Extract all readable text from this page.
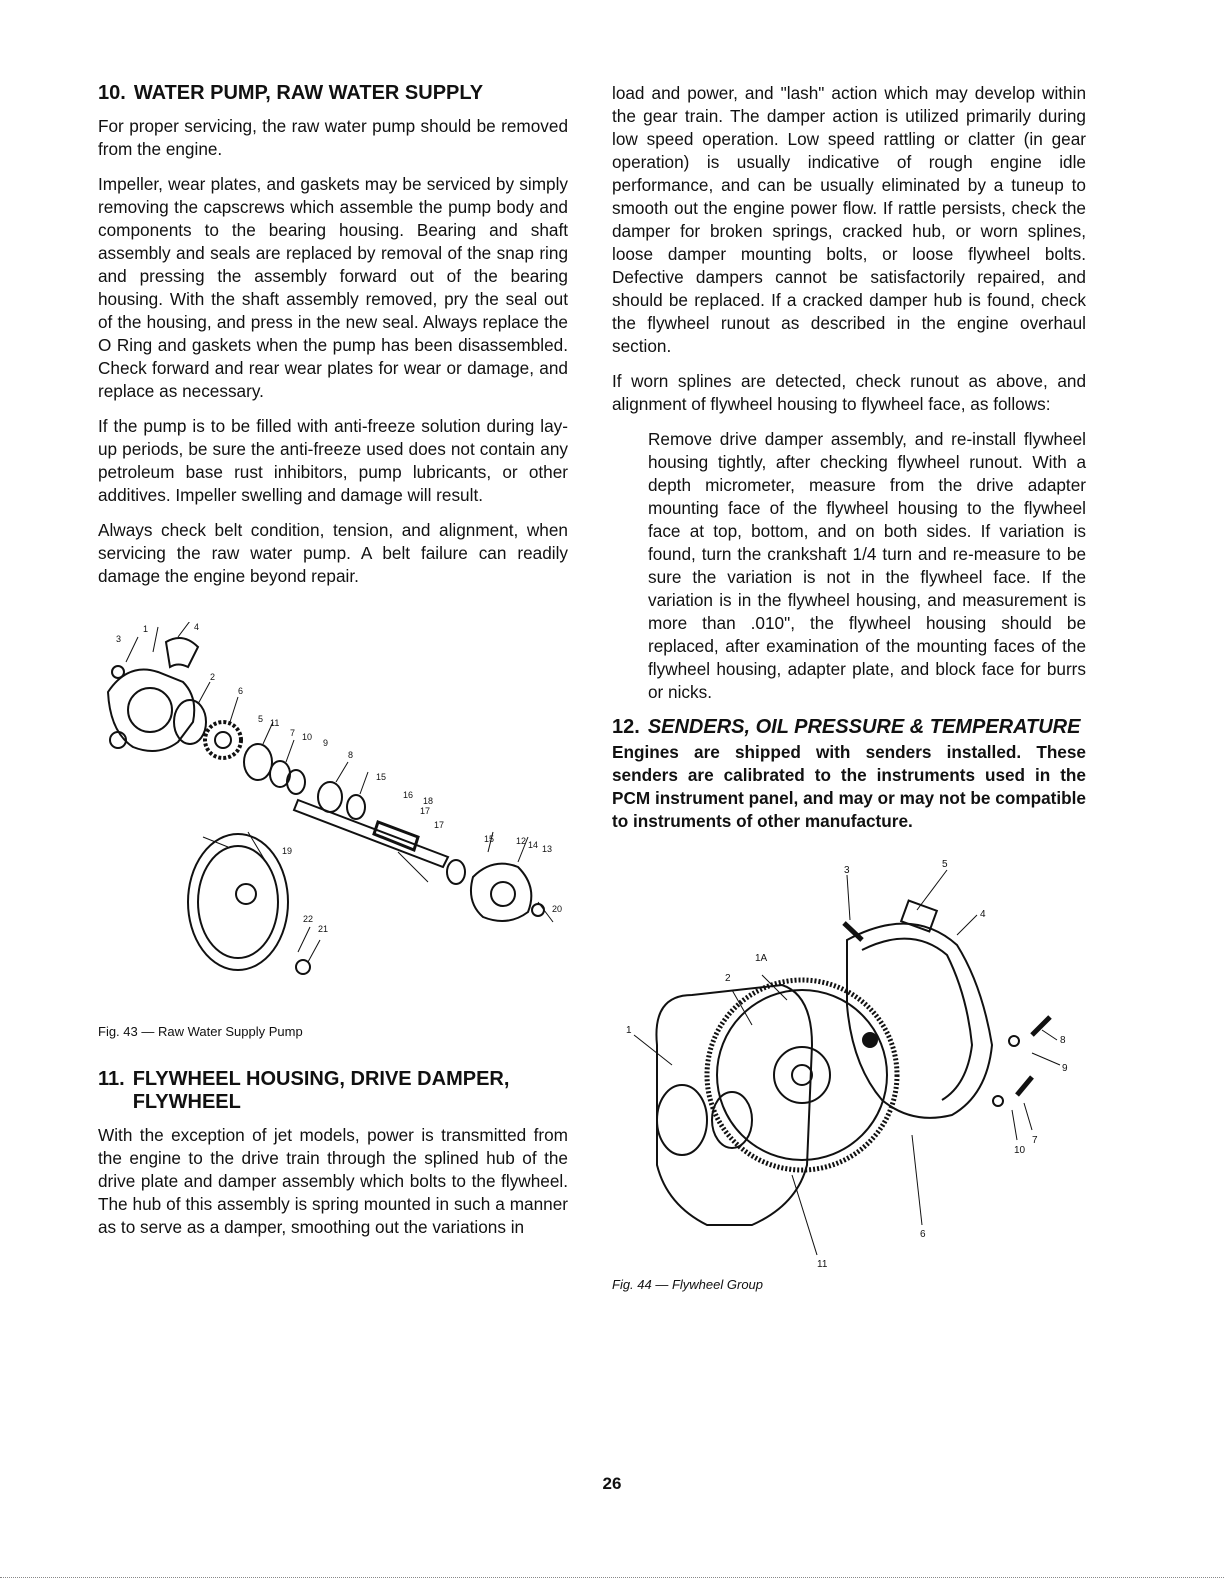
10. WATER PUMP, RAW WATER SUPPLY

For proper servicing, the raw water pump should be removed from the engine.

Impeller, wear plates, and gaskets may be serviced by simply removing the capscrews which assemble the pump body and components to the bearing housing. Bearing and shaft assembly and seals are replaced by removal of the snap ring and pressing the assembly forward out of the bearing housing. With the shaft assembly removed, pry the seal out of the housing, and press in the new seal. Always replace the O Ring and gaskets when the pump has been disassembled. Check forward and rear wear plates for wear or damage, and replace as necessary.

If the pump is to be filled with anti-freeze solution during lay-up periods, be sure the anti-freeze used does not contain any petroleum base rust inhibitors, pump lubricants, or other additives. Impeller swelling and damage will result.

Always check belt condition, tension, and alignment, when servicing the raw water pump. A belt failure can readily damage the engine beyond repair.

3
1	4
2
6
5 11
7 10
9
8
15
16
18
17
17
15 12 14 13
20
19
22
21
Fig. 43 — Raw Water Supply Pump
11. FLYWHEEL HOUSING, DRIVE DAMPER, FLYWHEEL

With the exception of jet models, power is transmitted from the engine to the drive train through the splined hub of the drive plate and damper assembly which bolts to the flywheel. The hub of this assembly is spring mounted in such a manner as to serve as a damper, smoothing out the variations in

load and power, and "lash" action which may develop within the gear train. The damper action is utilized primarily during low speed operation. Low speed rattling or clatter (in gear operation) is usually indicative of rough engine idle performance, and can be usually eliminated by a tuneup to smooth out the engine power flow. If rattle persists, check the damper for broken springs, cracked hub, or worn splines, loose damper mounting bolts, or loose flywheel bolts. Defective dampers cannot be satisfactorily repaired, and should be replaced. If a cracked damper hub is found, check the flywheel runout as described in the engine overhaul section.

If worn splines are detected, check runout as above, and alignment of flywheel housing to flywheel face, as follows:

Remove drive damper assembly, and re-install flywheel housing tightly, after checking flywheel runout. With a depth micrometer, measure from the drive adapter mounting face of the flywheel housing to the flywheel face at top, bottom, and on both sides. If variation is found, turn the crankshaft 1/4 turn and re-measure to be sure the variation is not in the flywheel face. If the variation is in the flywheel housing, and measurement is more than .010", the flywheel housing should be replaced, after examination of the mounting faces of the flywheel housing, adapter plate, and block face for burrs or nicks.

12. SENDERS, OIL PRESSURE & TEMPERATURE

Engines are shipped with senders installed. These senders are calibrated to the instruments used in the PCM instrument panel, and may or may not be compatible to instruments of other manufacture.

3
5
4
1A
2
1
8
9
7
10
6
11
Fig. 44 — Flywheel Group
26
